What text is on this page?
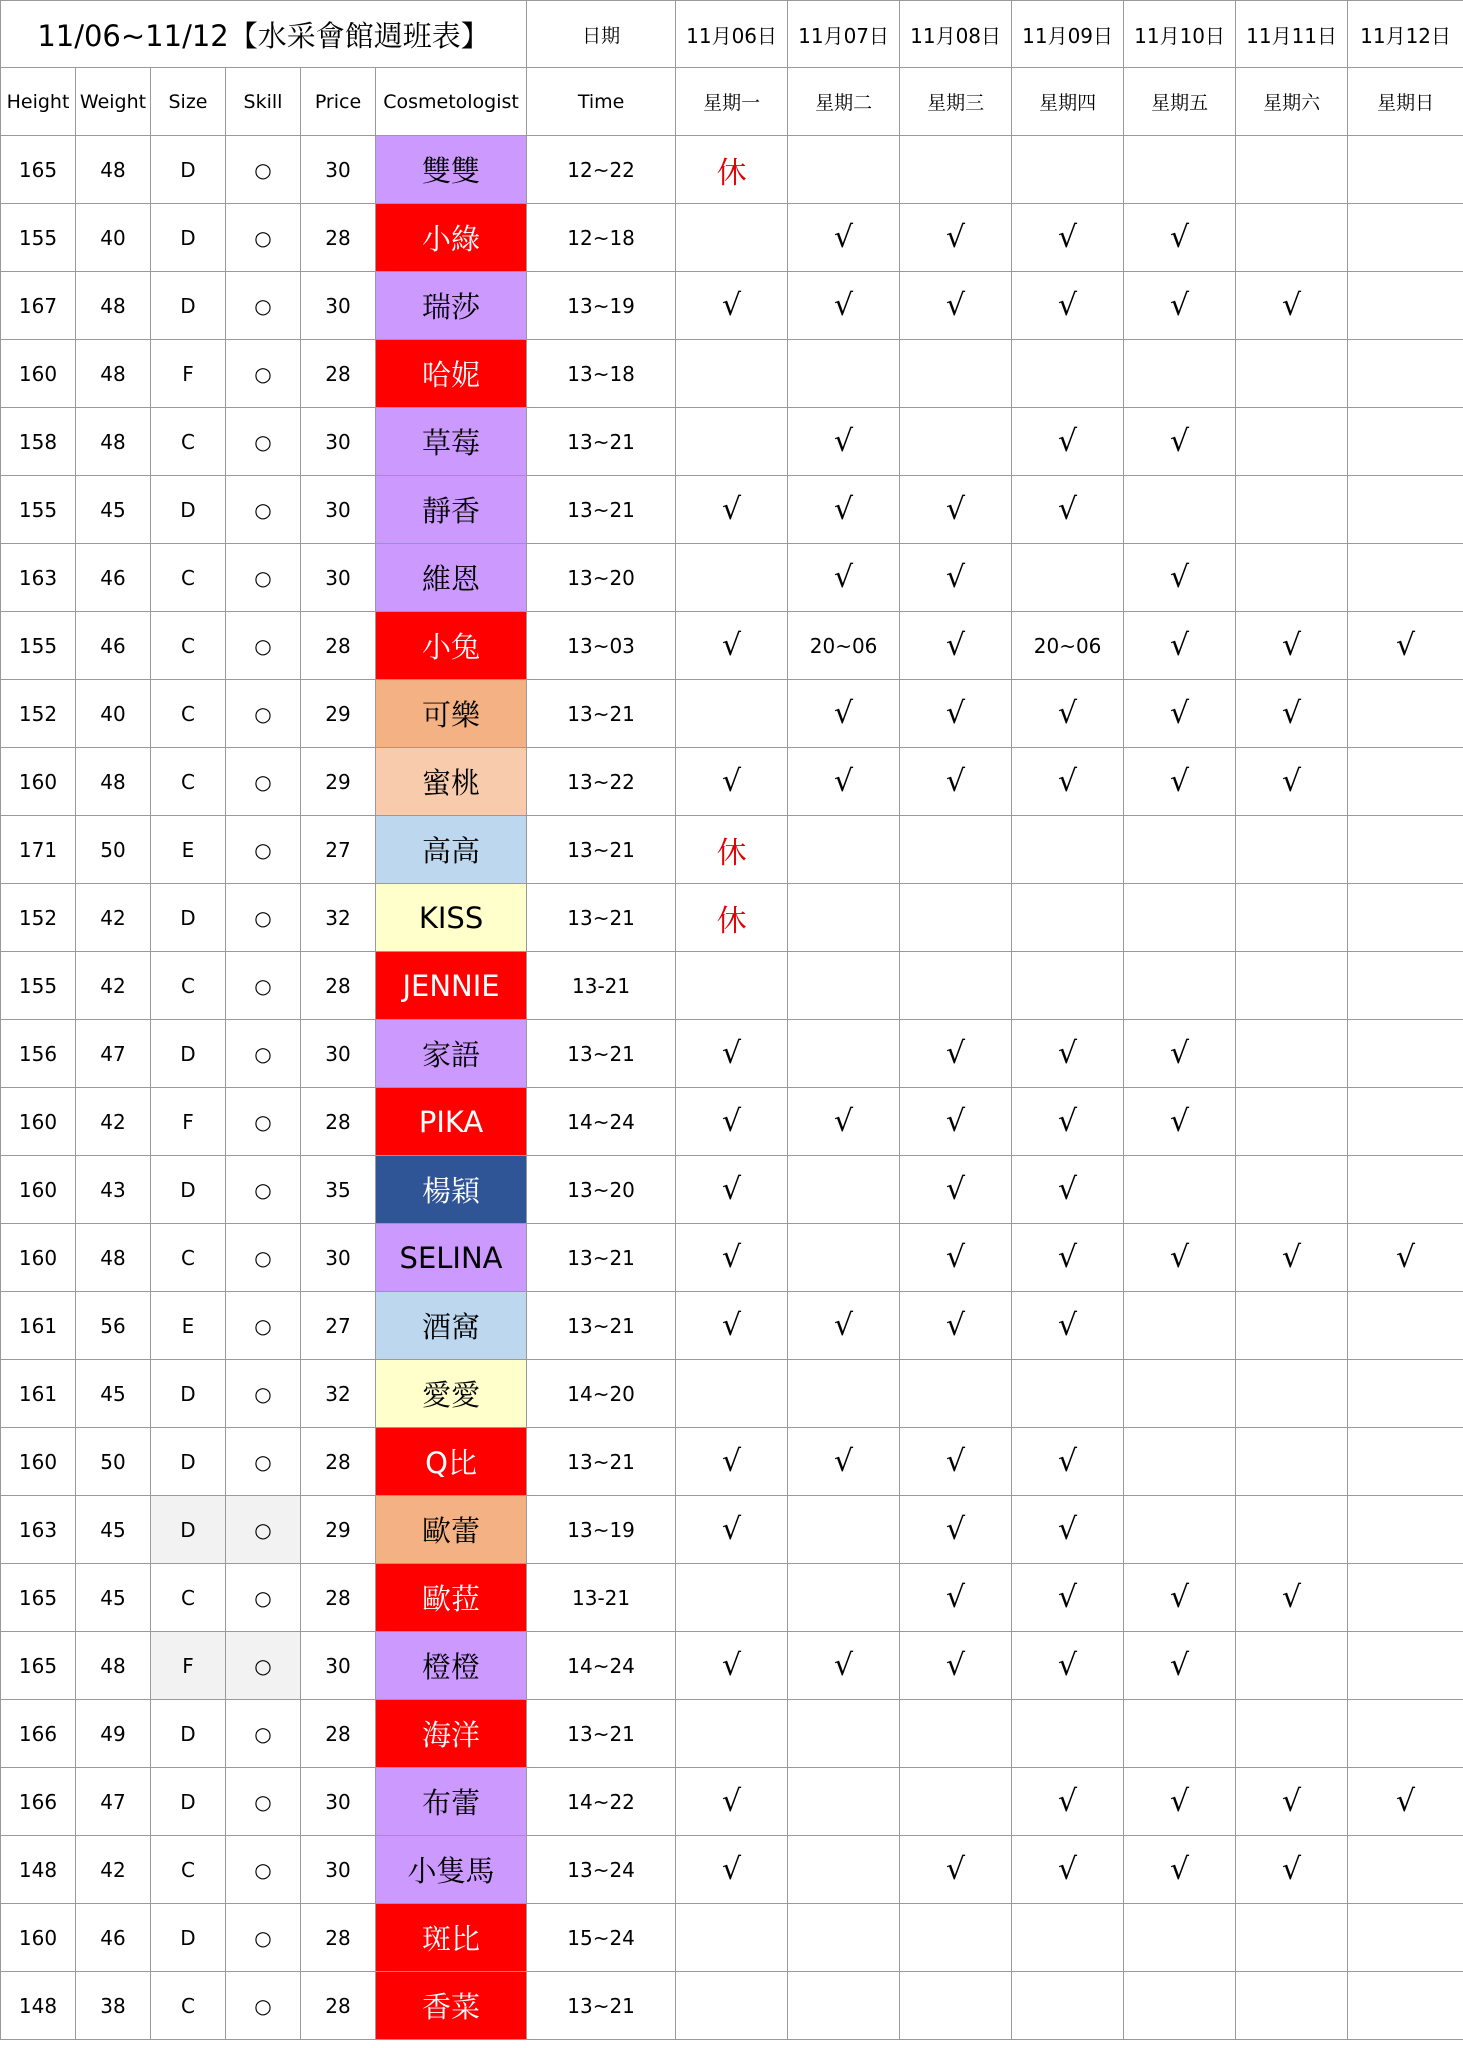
11/06~11/12【水采會館週班表】						日期	11月06日	11月07日	11月08日	11月09日	11月10日	11月11日	11月12日
Height	Weight	Size	Skill	Price	Cosmetologist	Time	星期一	星期二	星期三	星期四	星期五	星期六	星期日
165	48	D	○	30	雙雙	12~22	休						
155	40	D	○	28	小綠	12~18		√	√	√	√		
167	48	D	○	30	瑞莎	13~19	√	√	√	√	√	√	
160	48	F	○	28	哈妮	13~18							
158	48	C	○	30	草莓	13~21		√		√	√		
155	45	D	○	30	靜香	13~21	√	√	√	√			
163	46	C	○	30	維恩	13~20		√	√		√		
155	46	C	○	28	小兔	13~03	√	20~06	√	20~06	√	√	√
152	40	C	○	29	可樂	13~21		√	√	√	√	√	
160	48	C	○	29	蜜桃	13~22	√	√	√	√	√	√	
171	50	E	○	27	高高	13~21	休						
152	42	D	○	32	KISS	13~21	休						
155	42	C	○	28	JENNIE	13-21							
156	47	D	○	30	家語	13~21	√		√	√	√		
160	42	F	○	28	PIKA	14~24	√	√	√	√	√		
160	43	D	○	35	楊穎	13~20	√		√	√			
160	48	C	○	30	SELINA	13~21	√		√	√	√	√	√
161	56	E	○	27	酒窩	13~21	√	√	√	√			
161	45	D	○	32	愛愛	14~20							
160	50	D	○	28	Q比	13~21	√	√	√	√			
163	45	D	○	29	歐蕾	13~19	√		√	√			
165	45	C	○	28	歐菈	13-21			√	√	√	√	
165	48	F	○	30	橙橙	14~24	√	√	√	√	√		
166	49	D	○	28	海洋	13~21							
166	47	D	○	30	布蕾	14~22	√			√	√	√	√
148	42	C	○	30	小隻馬	13~24	√		√	√	√	√	
160	46	D	○	28	斑比	15~24							
148	38	C	○	28	香菜	13~21							
